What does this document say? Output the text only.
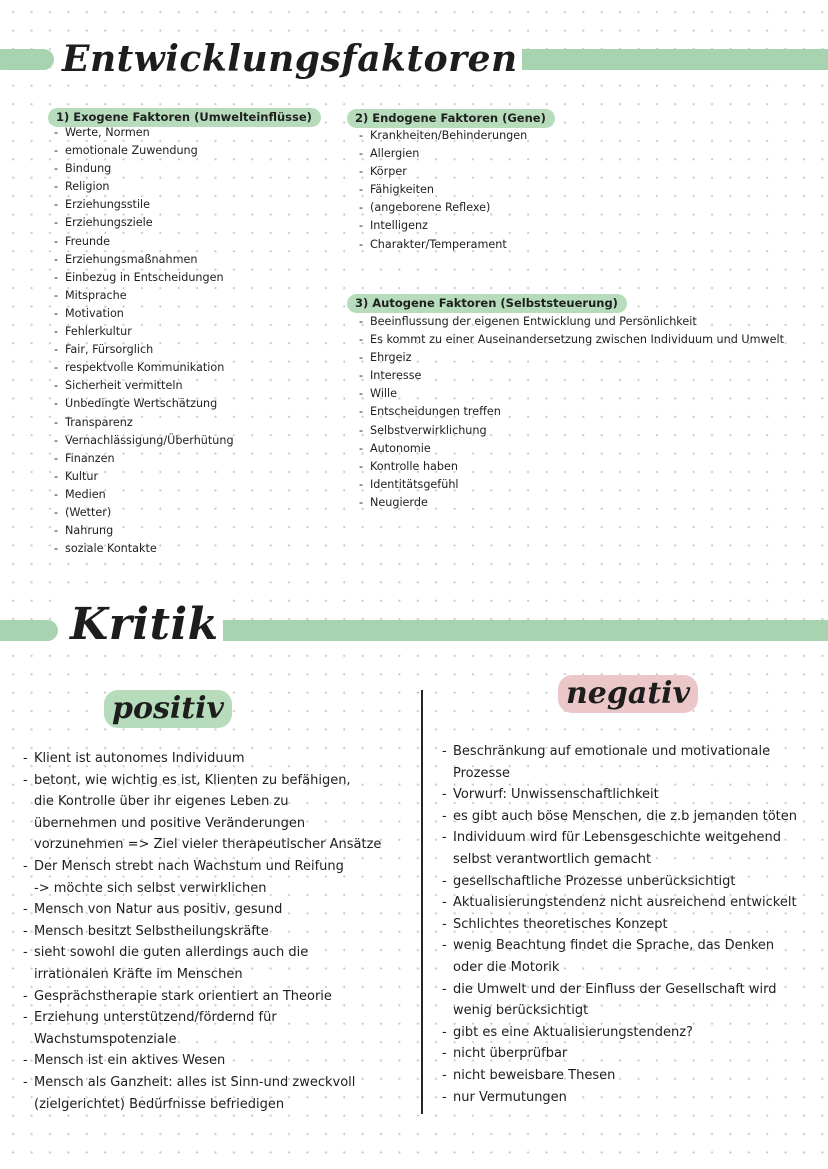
Entwicklungsfaktoren
1) Exogene Faktoren (Umwelteinflüsse)	2) Endogene Faktoren (Gene)
3) Autogene Faktoren (Selbststeuerung)
- Werte, Normen
- emotionale Zuwendung
- Bindung
- Religion
- Erziehungsstile
- Erziehungsziele
- Freunde
- Erziehungsmaßnahmen
- Einbezug in Entscheidungen
- Mitsprache
- Motivation
- Fehlerkultur
- Fair, Fürsorglich
- respektvolle Kommunikation
- Sicherheit vermitteln
- Unbedingte Wertschätzung
- Transparenz
- Vernachlässigung/Überhütung
- Finanzen
- Kultur
- Medien
- (Wetter)
- Nahrung
- soziale Kontakte
- Krankheiten/Behinderungen
- Allergien
- Körper
- Fähigkeiten
- (angeborene Reflexe)
- Intelligenz
- Charakter/Temperament
- Beeinflussung der eigenen Entwicklung und Persönlichkeit
- Es kommt zu einer Auseinandersetzung zwischen Individuum und Umwelt
- Ehrgeiz
- Interesse
- Wille
- Entscheidungen treffen
- Selbstverwirklichung
- Autonomie
- Kontrolle haben
- Identitätsgefühl
- Neugierde
Kritik
positiv	negativ
- Klient ist autonomes Individuum
- betont, wie wichtig es ist, Klienten zu befähigen,
die Kontrolle über ihr eigenes Leben zu
übernehmen und positive Veränderungen
vorzunehmen => Ziel vieler therapeutischer Ansätze
- Der Mensch strebt nach Wachstum und Reifung
-> möchte sich selbst verwirklichen
- Mensch von Natur aus positiv, gesund
- Mensch besitzt Selbstheilungskräfte
- sieht sowohl die guten allerdings auch die
irrationalen Kräfte im Menschen
- Gesprächstherapie stark orientiert an Theorie
- Erziehung unterstützend/fördernd für
Wachstumspotenziale
- Mensch ist ein aktives Wesen
- Mensch als Ganzheit: alles ist Sinn-und zweckvoll
(zielgerichtet) Bedürfnisse befriedigen
- Beschränkung auf emotionale und motivationale
Prozesse
- Vorwurf: Unwissenschaftlichkeit
- es gibt auch böse Menschen, die z.b jemanden töten
- Individuum wird für Lebensgeschichte weitgehend
selbst verantwortlich gemacht
- gesellschaftliche Prozesse unberücksichtigt
- Aktualisierungstendenz nicht ausreichend entwickelt
- Schlichtes theoretisches Konzept
- wenig Beachtung findet die Sprache, das Denken
oder die Motorik
- die Umwelt und der Einfluss der Gesellschaft wird
wenig berücksichtigt
- gibt es eine Aktualisierungstendenz?
- nicht überprüfbar
- nicht beweisbare Thesen
- nur Vermutungen
